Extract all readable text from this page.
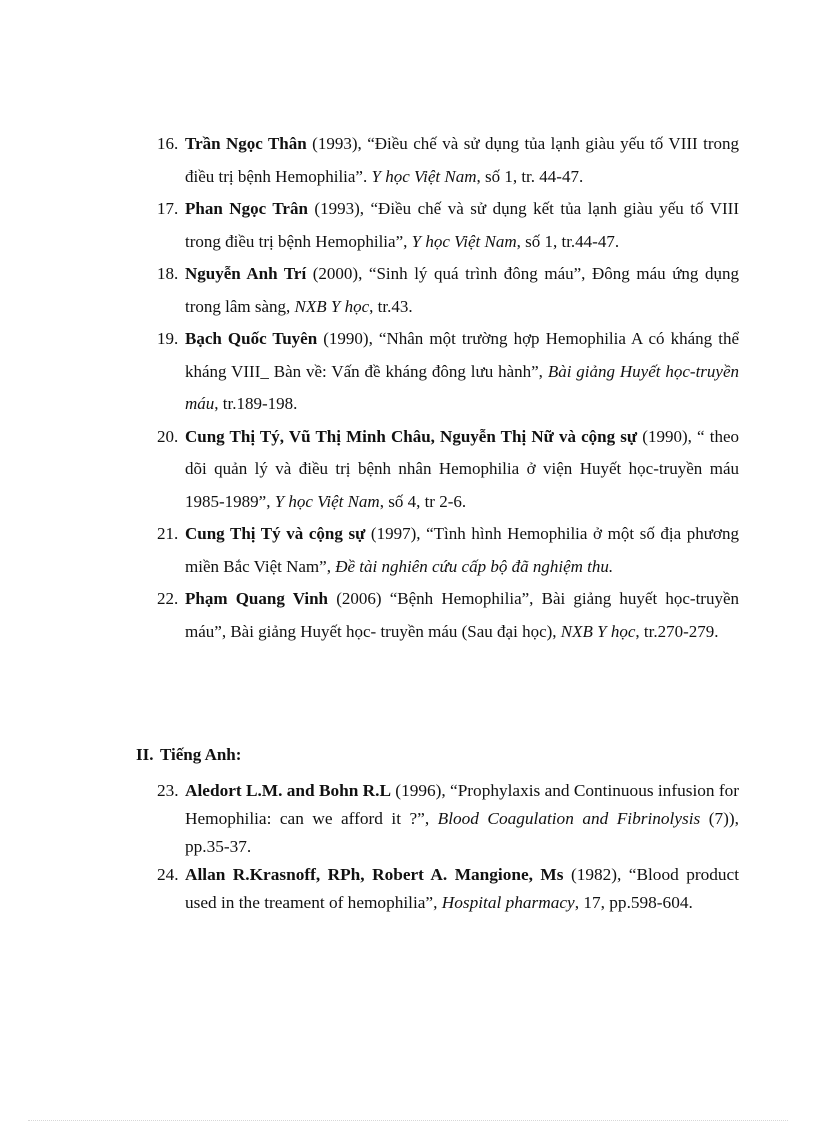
16. Trần Ngọc Thân (1993), “Điều chế và sử dụng tủa lạnh giàu yếu tố VIII trong điều trị bệnh Hemophilia”. Y học Việt Nam, số 1, tr. 44-47.
17. Phan Ngọc Trân (1993), “Điều chế và sử dụng kết tủa lạnh giàu yếu tố VIII trong điều trị bệnh Hemophilia”, Y học Việt Nam, số 1, tr.44-47.
18. Nguyễn Anh Trí (2000), “Sinh lý quá trình đông máu”, Đông máu ứng dụng trong lâm sàng, NXB Y học, tr.43.
19. Bạch Quốc Tuyên (1990), “Nhân một trường hợp Hemophilia A có kháng thể kháng VIII_ Bàn về: Vấn đề kháng đông lưu hành”, Bài giảng Huyết học-truyền máu, tr.189-198.
20. Cung Thị Tý, Vũ Thị Minh Châu, Nguyễn Thị Nữ và cộng sự (1990), “ theo dõi quản lý và điều trị bệnh nhân Hemophilia ở viện Huyết học-truyền máu 1985-1989”, Y học Việt Nam, số 4, tr 2-6.
21. Cung Thị Tý và cộng sự (1997), “Tình hình Hemophilia ở một số địa phương miền Bắc Việt Nam”, Đề tài nghiên cứu cấp bộ đã nghiệm thu.
22. Phạm Quang Vinh (2006) “Bệnh Hemophilia”, Bài giảng huyết học-truyền máu”, Bài giảng Huyết học- truyền máu (Sau đại học), NXB Y học, tr.270-279.
II. Tiếng Anh:
23. Aledort L.M. and Bohn R.L (1996), “Prophylaxis and Continuous infusion for Hemophilia: can we afford it ?”, Blood Coagulation and Fibrinolysis (7)), pp.35-37.
24. Allan R.Krasnoff, RPh, Robert A. Mangione, Ms (1982), “Blood product used in the treament of hemophilia”, Hospital pharmacy, 17, pp.598-604.
